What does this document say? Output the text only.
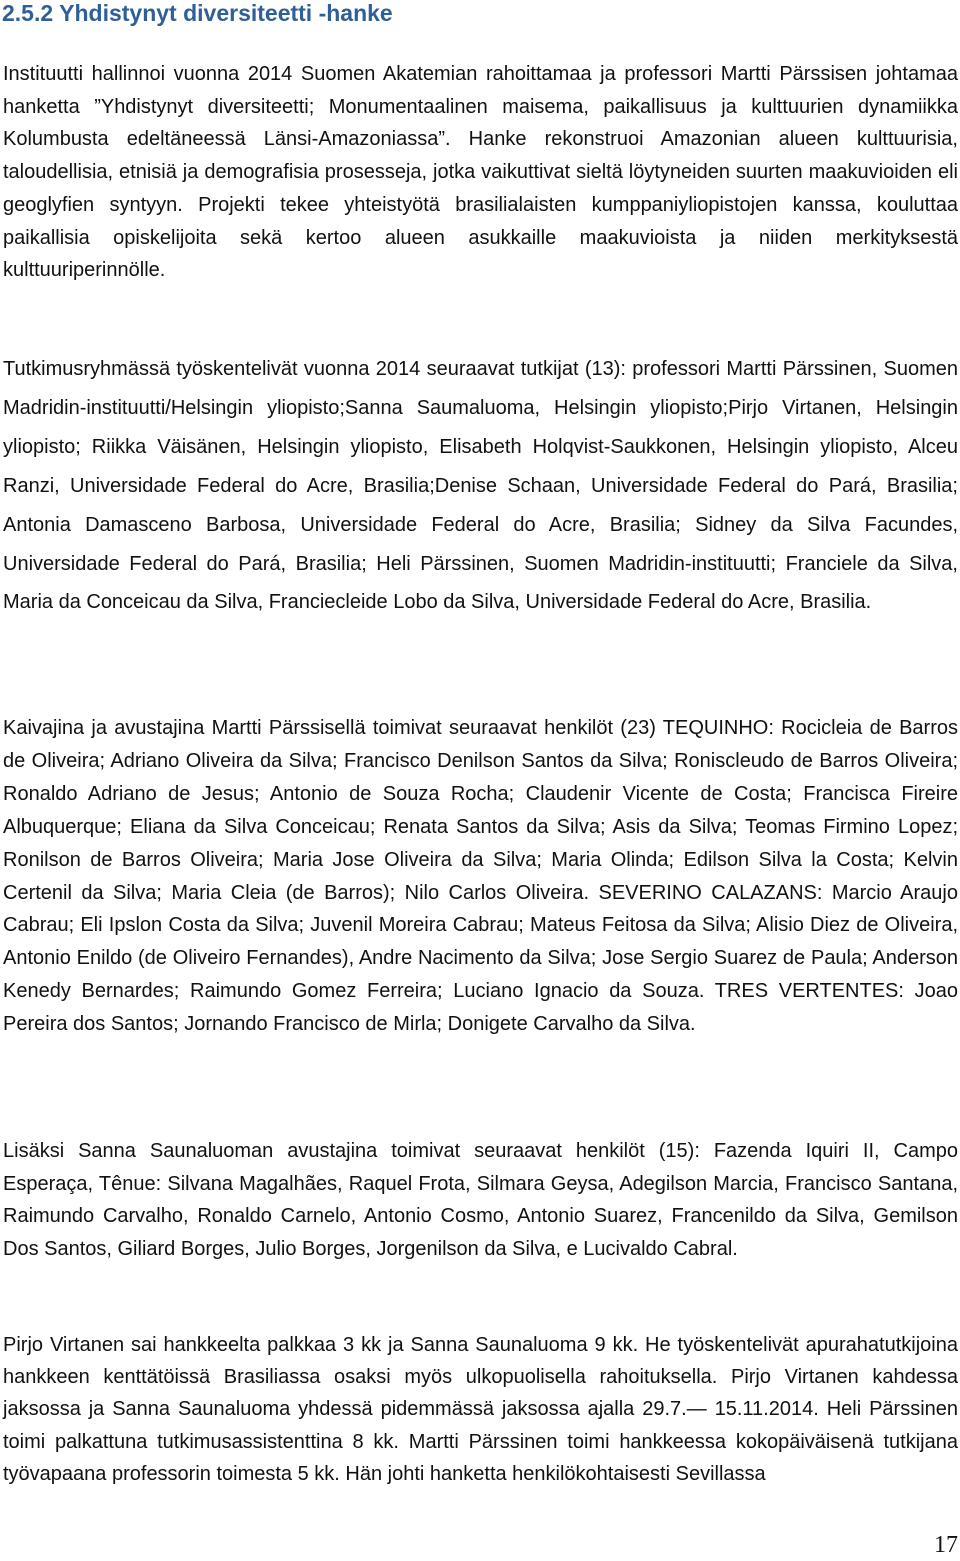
2.5.2 Yhdistynyt diversiteetti -hanke

Instituutti hallinnoi vuonna 2014 Suomen Akatemian rahoittamaa ja professori Martti Pärssisen johtamaa hanketta ”Yhdistynyt diversiteetti; Monumentaalinen maisema, paikallisuus ja kulttuurien dynamiikka Kolumbusta edeltäneessä Länsi-Amazoniassa”. Hanke rekonstruoi Amazonian alueen kulttuurisia, taloudellisia, etnisiä ja demografisia prosesseja, jotka vaikuttivat sieltä löytyneiden suurten maakuvioiden eli geoglyfien syntyyn. Projekti tekee yhteistyötä brasilialaisten kumppaniyliopistojen kanssa, kouluttaa paikallisia opiskelijoita sekä kertoo alueen asukkaille maakuvioista ja niiden merkityksestä kulttuuriperinnölle.

Tutkimusryhmässä työskentelivät vuonna 2014 seuraavat tutkijat (13): professori Martti Pärssinen, Suomen Madridin-instituutti/Helsingin yliopisto;Sanna Saumaluoma, Helsingin yliopisto;Pirjo Virtanen, Helsingin yliopisto; Riikka Väisänen, Helsingin yliopisto, Elisabeth Holqvist-Saukkonen, Helsingin yliopisto, Alceu Ranzi, Universidade Federal do Acre, Brasilia;Denise Schaan, Universidade Federal do Pará, Brasilia; Antonia Damasceno Barbosa, Universidade Federal do Acre, Brasilia; Sidney da Silva Facundes, Universidade Federal do Pará, Brasilia; Heli Pärssinen, Suomen Madridin-instituutti; Franciele da Silva, Maria da Conceicau da Silva, Franciecleide Lobo da Silva, Universidade Federal do Acre, Brasilia.

Kaivajina ja avustajina Martti Pärssisellä toimivat seuraavat henkilöt (23) TEQUINHO: Rocicleia de Barros de Oliveira; Adriano Oliveira da Silva; Francisco Denilson Santos da Silva; Roniscleudo de Barros Oliveira; Ronaldo Adriano de Jesus; Antonio de Souza Rocha; Claudenir Vicente de Costa; Francisca Fireire Albuquerque; Eliana da Silva Conceicau; Renata Santos da Silva; Asis da Silva; Teomas Firmino Lopez; Ronilson de Barros Oliveira; Maria Jose Oliveira da Silva; Maria Olinda; Edilson Silva la Costa; Kelvin Certenil da Silva; Maria Cleia (de Barros); Nilo Carlos Oliveira. SEVERINO CALAZANS: Marcio Araujo Cabrau; Eli Ipslon Costa da Silva; Juvenil Moreira Cabrau; Mateus Feitosa da Silva; Alisio Diez de Oliveira, Antonio Enildo (de Oliveiro Fernandes), Andre Nacimento da Silva; Jose Sergio Suarez de Paula; Anderson Kenedy Bernardes; Raimundo Gomez Ferreira; Luciano Ignacio da Souza. TRES VERTENTES: Joao Pereira dos Santos; Jornando Francisco de Mirla; Donigete Carvalho da Silva.

Lisäksi Sanna Saunaluoman avustajina toimivat seuraavat henkilöt (15): Fazenda Iquiri II, Campo Esperaça, Tênue: Silvana Magalhães, Raquel Frota, Silmara Geysa, Adegilson Marcia, Francisco Santana, Raimundo Carvalho, Ronaldo Carnelo, Antonio Cosmo, Antonio Suarez, Francenildo da Silva, Gemilson Dos Santos, Giliard Borges, Julio Borges, Jorgenilson da Silva, e Lucivaldo Cabral.

Pirjo Virtanen sai hankkeelta palkkaa 3 kk ja Sanna Saunaluoma 9 kk. He työskentelivät apurahatutkijoina hankkeen kenttätöissä Brasiliassa osaksi myös ulkopuolisella rahoituksella. Pirjo Virtanen kahdessa jaksossa ja Sanna Saunaluoma yhdessä pidemmässä jaksossa ajalla 29.7.— 15.11.2014. Heli Pärssinen toimi palkattuna tutkimusassistenttina 8 kk. Martti Pärssinen toimi hankkeessa kokopäiväisenä tutkijana työvapaana professorin toimesta 5 kk. Hän johti hanketta henkilökohtaisesti Sevillassa

17
